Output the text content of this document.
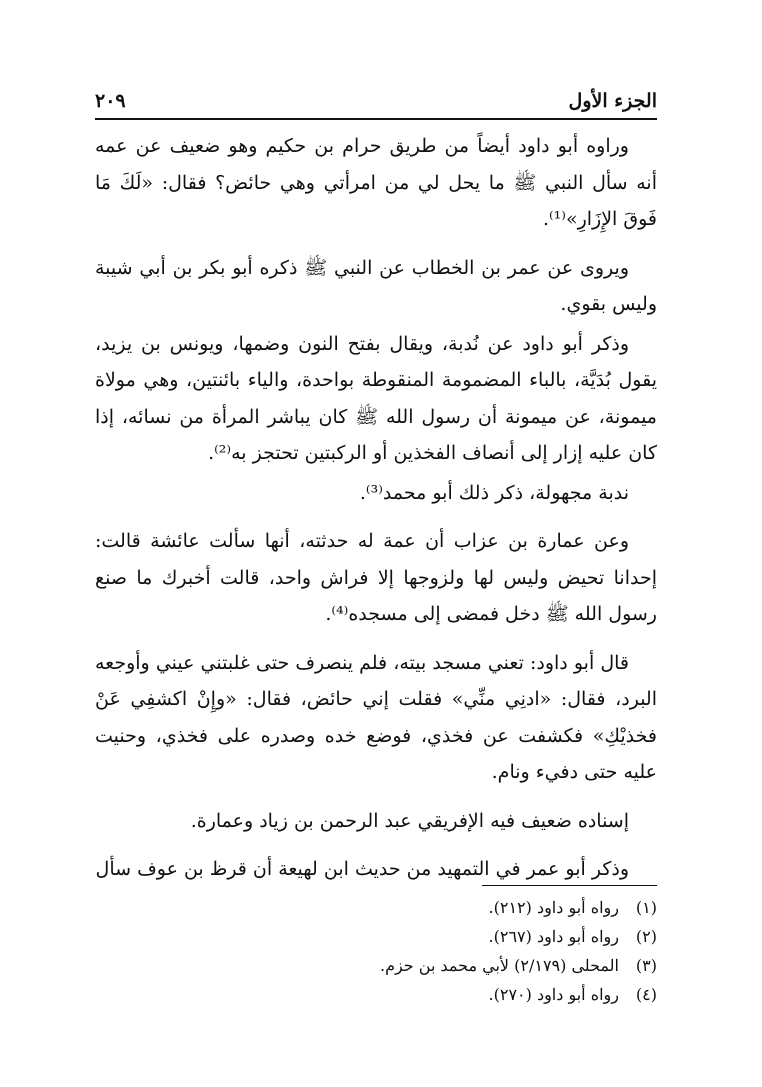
الجزء الأول
٢٠٩

وراوه أبو داود أيضاً من طريق حرام بن حكيم وهو ضعيف عن عمه أنه سأل النبي ﷺ ما يحل لي من امرأتي وهي حائض؟ فقال: «لَكَ مَا فَوقَ الإِزَارِ»⁽¹⁾.

ويروى عن عمر بن الخطاب عن النبي ﷺ ذكره أبو بكر بن أبي شيبة وليس بقوي.

وذكر أبو داود عن نُدبة، ويقال بفتح النون وضمها، ويونس بن يزيد، يقول بُدَيَّة، بالباء المضمومة المنقوطة بواحدة، والياء بائنتين، وهي مولاة ميمونة، عن ميمونة أن رسول الله ﷺ كان يباشر المرأة من نسائه، إذا كان عليه إزار إلى أنصاف الفخذين أو الركبتين تحتجز به⁽²⁾.

ندبة مجهولة، ذكر ذلك أبو محمد⁽³⁾.

وعن عمارة بن عزاب أن عمة له حدثته، أنها سألت عائشة قالت: إحدانا تحيض وليس لها ولزوجها إلا فراش واحد، قالت أخبرك ما صنع رسول الله ﷺ دخل فمضى إلى مسجده⁽⁴⁾.

قال أبو داود: تعني مسجد بيته، فلم ينصرف حتى غلبتني عيني وأوجعه البرد، فقال: «ادنِي منِّي» فقلت إني حائض، فقال: «وإِنْ اكشفِي عَنْ فخذيْكِ» فكشفت عن فخذي، فوضع خده وصدره على فخذي، وحنيت عليه حتى دفيء ونام.

إسناده ضعيف فيه الإفريقي عبد الرحمن بن زياد وعمارة.

وذكر أبو عمر في التمهيد من حديث ابن لهيعة أن قرظ بن عوف سأل

(١)
رواه أبو داود (٢١٢).
(٢)
رواه أبو داود (٢٦٧).
(٣)
المحلى (٢/١٧٩) لأبي محمد بن حزم.
(٤)
رواه أبو داود (٢٧٠).
